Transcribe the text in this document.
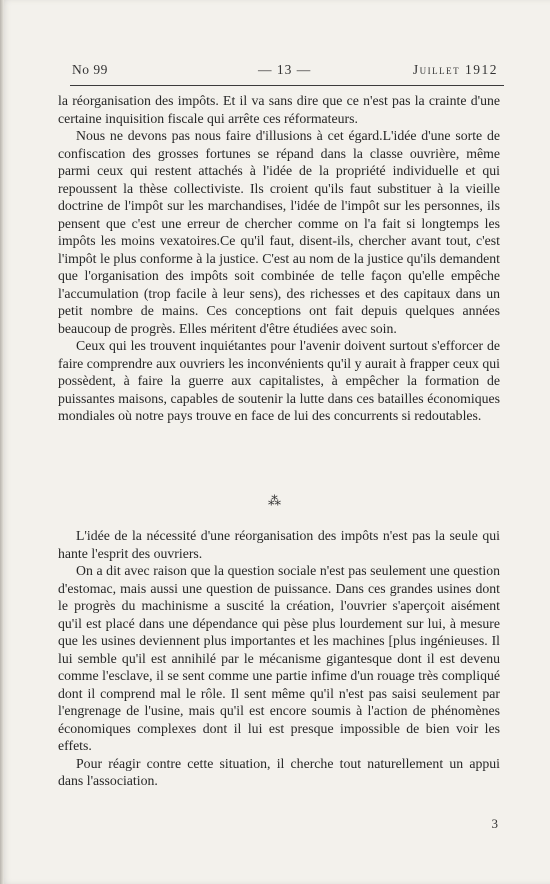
No 99	— 13 —	Juillet 1912

la réorganisation des impôts. Et il va sans dire que ce n'est pas la crainte d'une certaine inquisition fiscale qui arrête ces réformateurs.

Nous ne devons pas nous faire d'illusions à cet égard.L'idée d'une sorte de confiscation des grosses fortunes se répand dans la classe ouvrière, même parmi ceux qui restent attachés à l'idée de la propriété individuelle et qui repoussent la thèse collectiviste. Ils croient qu'ils faut substituer à la vieille doctrine de l'impôt sur les marchandises, l'idée de l'impôt sur les personnes, ils pensent que c'est une erreur de chercher comme on l'a fait si longtemps les impôts les moins vexatoires.Ce qu'il faut, disent-ils, chercher avant tout, c'est l'impôt le plus conforme à la justice. C'est au nom de la justice qu'ils demandent que l'organisation des impôts soit combinée de telle façon qu'elle empêche l'accumulation (trop facile à leur sens), des richesses et des capitaux dans un petit nombre de mains. Ces conceptions ont fait depuis quelques années beaucoup de progrès. Elles méritent d'être étudiées avec soin.

Ceux qui les trouvent inquiétantes pour l'avenir doivent surtout s'efforcer de faire comprendre aux ouvriers les inconvénients qu'il y aurait à frapper ceux qui possèdent, à faire la guerre aux capitalistes, à empêcher la formation de puissantes maisons, capables de soutenir la lutte dans ces batailles économiques mondiales où notre pays trouve en face de lui des concurrents si redoutables.

⁂

L'idée de la nécessité d'une réorganisation des impôts n'est pas la seule qui hante l'esprit des ouvriers.

On a dit avec raison que la question sociale n'est pas seulement une question d'estomac, mais aussi une question de puissance. Dans ces grandes usines dont le progrès du machinisme a suscité la création, l'ouvrier s'aperçoit aisément qu'il est placé dans une dépendance qui pèse plus lourdement sur lui, à mesure que les usines deviennent plus importantes et les machines [plus ingénieuses. Il lui semble qu'il est annihilé par le mécanisme gigantesque dont il est devenu comme l'esclave, il se sent comme une partie infime d'un rouage très compliqué dont il comprend mal le rôle. Il sent même qu'il n'est pas saisi seulement par l'engrenage de l'usine, mais qu'il est encore soumis à l'action de phénomènes économiques complexes dont il lui est presque impossible de bien voir les effets.

Pour réagir contre cette situation, il cherche tout naturellement un appui dans l'association.

3
